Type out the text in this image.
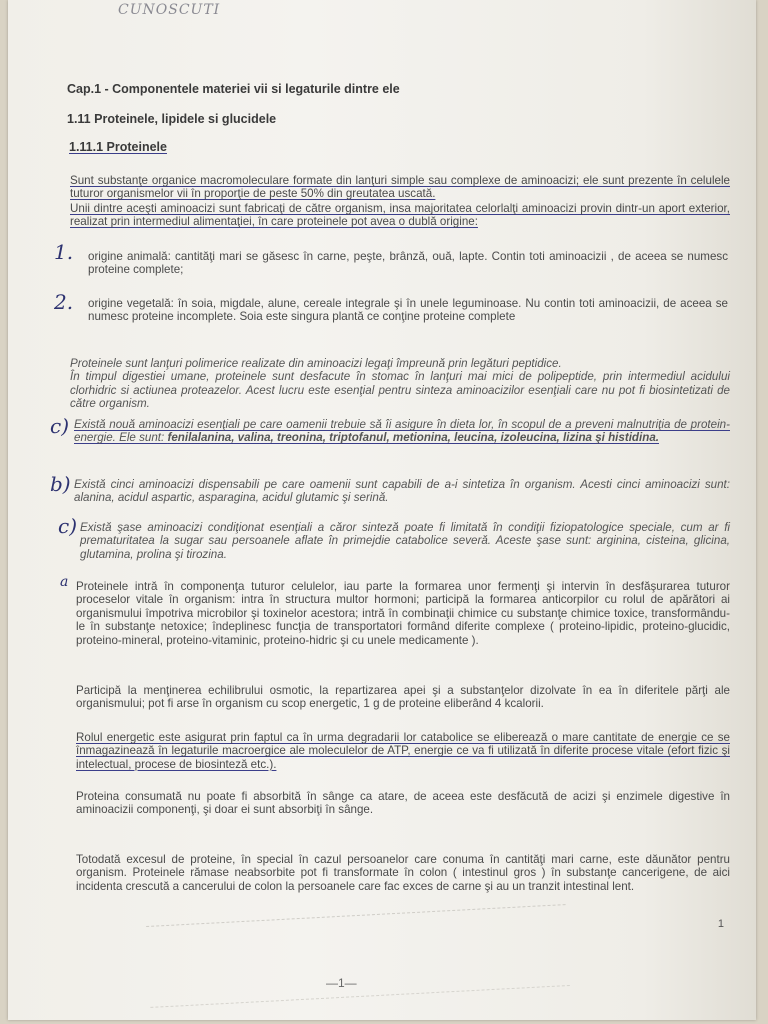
CUNOSCUTI
Cap.1 - Componentele materiei vii si legaturile dintre ele
1.11 Proteinele, lipidele si glucidele
1.11.1 Proteinele

Sunt substanţe organice macromoleculare formate din lanţuri simple sau complexe de aminoacizi; ele sunt prezente în celulele tuturor organismelor vii în proporţie de peste 50% din greutatea uscată.

Unii dintre aceşti aminoacizi sunt fabricaţi de către organism, insa majoritatea celorlalţi aminoacizi provin dintr-un aport exterior, realizat prin intermediul alimentaţiei, în care proteinele pot avea o dublă origine:

1. origine animală: cantităţi mari se găsesc în carne, peşte, brânză, ouă, lapte. Contin toti aminoacizii , de aceea se numesc proteine complete;

2. origine vegetală: în soia, migdale, alune, cereale integrale şi în unele leguminoase. Nu contin toti aminoacizii, de aceea se numesc proteine incomplete. Soia este singura plantă ce conţine proteine complete

Proteinele sunt lanţuri polimerice realizate din aminoacizi legaţi împreună prin legături peptidice.
În timpul digestiei umane, proteinele sunt desfacute în stomac în lanţuri mai mici de polipeptide, prin intermediul acidului clorhidric si actiunea proteazelor. Acest lucru este esenţial pentru sinteza aminoacizilor esenţiali care nu pot fi biosintetizati de către organism.

c) Există nouă aminoacizi esenţiali pe care oamenii trebuie să îi asigure în dieta lor, în scopul de a preveni malnutriţia de protein-energie. Ele sunt: fenilalanina, valina, treonina, triptofanul, metionina, leucina, izoleucina, lizina şi histidina.

b) Există cinci aminoacizi dispensabili pe care oamenii sunt capabili de a-i sintetiza în organism. Acesti cinci aminoacizi sunt: alanina, acidul aspartic, asparagina, acidul glutamic şi serină.

c) Există şase aminoacizi condiţionat esenţiali a căror sinteză poate fi limitată în condiţii fiziopatologice speciale, cum ar fi prematuritatea la sugar sau persoanele aflate în primejdie catabolice severă. Aceste şase sunt: arginina, cisteina, glicina, glutamina, prolina şi tirozina.

a Proteinele intră în componenţa tuturor celulelor, iau parte la formarea unor fermenţi şi intervin în desfăşurarea tuturor proceselor vitale în organism: intra în structura multor hormoni; participă la formarea anticorpilor cu rolul de apărători ai organismului împotriva microbilor şi toxinelor acestora; intră în combinaţii chimice cu substanţe chimice toxice, transformându-le în substanţe netoxice; îndeplinesc funcţia de transportatori formând diferite complexe ( proteino-lipidic, proteino-glucidic, proteino-mineral, proteino-vitaminic, proteino-hidric şi cu unele medicamente ).

Participă la menţinerea echilibrului osmotic, la repartizarea apei şi a substanţelor dizolvate în ea în diferitele părţi ale organismului; pot fi arse în organism cu scop energetic, 1 g de proteine eliberând 4 kcalorii.

Rolul energetic este asigurat prin faptul ca în urma degradarii lor catabolice se eliberează o mare cantitate de energie ce se înmagazinează în legaturile macroergice ale moleculelor de ATP, energie ce va fi utilizată în diferite procese vitale (efort fizic şi intelectual, procese de biosinteză etc.).

Proteina consumată nu poate fi absorbită în sânge ca atare, de aceea este desfăcută de acizi şi enzimele digestive în aminoacizii componenţi, şi doar ei sunt absorbiţi în sânge.

Totodată excesul de proteine, în special în cazul persoanelor care conuma în cantităţi mari carne, este dăunător pentru organism. Proteinele rămase neabsorbite pot fi transformate în colon ( intestinul gros ) în substanţe cancerigene, de aici incidenta crescută a cancerului de colon la persoanele care fac exces de carne şi au un tranzit intestinal lent.

1
—1—
